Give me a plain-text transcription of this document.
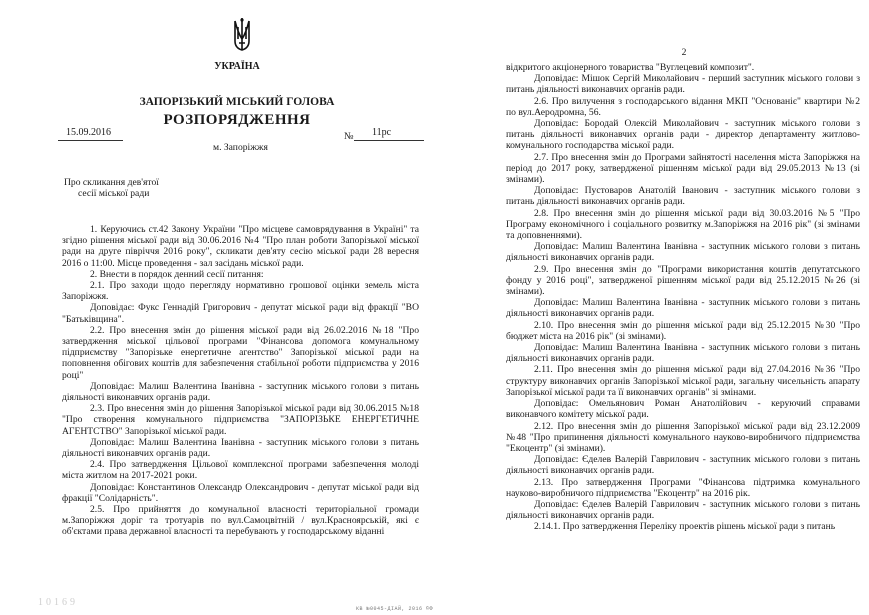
УКРАЇНА
ЗАПОРІЗЬКИЙ МІСЬКИЙ ГОЛОВА
РОЗПОРЯДЖЕННЯ
15.09.2016	№ 11рс
м. Запоріжжя

Про скликання дев'ятої

сесії міської ради

1. Керуючись ст.42 Закону України "Про місцеве самоврядування в Україні" та згідно рішення міської ради від 30.06.2016 №4 "Про план роботи Запорізької міської ради на друге півріччя 2016 року", скликати дев'яту сесію міської ради 28 вересня 2016 о 11:00. Місце проведення - зал засідань міської ради.

2. Внести в порядок денний сесії питання:

2.1. Про заходи щодо перегляду нормативно грошової оцінки земель міста Запоріжжя.

Доповідає: Фукс Геннадій Григорович - депутат міської ради від фракції "ВО "Батьківщина".

2.2. Про внесення змін до рішення міської ради від 26.02.2016 №18 "Про затвердження міської цільової програми "Фінансова допомога комунальному підприємству "Запорізьке енергетичне агентство" Запорізької міської ради на поповнення обігових коштів для забезпечення стабільної роботи підприємства у 2016 році"

Доповідає: Малиш Валентина Іванівна - заступник міського голови з питань діяльності виконавчих органів ради.

2.3. Про внесення змін до рішення Запорізької міської ради від 30.06.2015 №18 "Про створення комунального підприємства "ЗАПОРІЗЬКЕ ЕНЕРГЕТИЧНЕ АГЕНТСТВО" Запорізької міської ради.

Доповідає: Малиш Валентина Іванівна - заступник міського голови з питань діяльності виконавчих органів ради.

2.4. Про затвердження Цільової комплексної програми забезпечення молоді міста житлом на 2017-2021 роки.

Доповідає: Константинов Олександр Олександрович - депутат міської ради від фракції "Солідарність".

2.5. Про прийняття до комунальної власності територіальної громади м.Запоріжжя доріг та тротуарів по вул.Самоцвітній / вул.Красноярській, які є об'єктами права державної власності та перебувають у господарському віданні

10169
КВ №0045-ДІАЙ, 2016 ©Ф
2

відкритого акціонерного товариства "Вуглецевий композит".

Доповідає: Мішок Сергій Миколайович - перший заступник міського голови з питань діяльності виконавчих органів ради.

2.6. Про вилучення з господарського відання МКП "Основаніє" квартири №2 по вул.Аеродромна, 56.

Доповідає: Бородай Олексій Миколайович - заступник міського голови з питань діяльності виконавчих органів ради - директор департаменту житлово-комунального господарства міської ради.

2.7. Про внесення змін до Програми зайнятості населення міста Запоріжжя на період до 2017 року, затвердженої рішенням міської ради від 29.05.2013 №13 (зі змінами).

Доповідає: Пустоваров Анатолій Іванович - заступник міського голови з питань діяльності виконавчих органів ради.

2.8. Про внесення змін до рішення міської ради від 30.03.2016 №5 "Про Програму економічного і соціального розвитку м.Запоріжжя на 2016 рік" (зі змінами та доповненнями).

Доповідає: Малиш Валентина Іванівна - заступник міського голови з питань діяльності виконавчих органів ради.

2.9. Про внесення змін до "Програми використання коштів депутатського фонду у 2016 році", затвердженої рішенням міської ради від 25.12.2015 №26 (зі змінами).

Доповідає: Малиш Валентина Іванівна - заступник міського голови з питань діяльності виконавчих органів ради.

2.10. Про внесення змін до рішення міської ради від 25.12.2015 №30 "Про бюджет міста на 2016 рік" (зі змінами).

Доповідає: Малиш Валентина Іванівна - заступник міського голови з питань діяльності виконавчих органів ради.

2.11. Про внесення змін до рішення міської ради від 27.04.2016 №36 "Про структуру виконавчих органів Запорізької міської ради, загальну чисельність апарату Запорізької міської ради та її виконавчих органів" зі змінами.

Доповідає: Омельянович Роман Анатолійович - керуючий справами виконавчого комітету міської ради.

2.12. Про внесення змін до рішення Запорізької міської ради від 23.12.2009 №48 "Про припинення діяльності комунального науково-виробничого підприємства "Екоцентр" (зі змінами).

Доповідає: Єделев Валерій Гаврилович - заступник міського голови з питань діяльності виконавчих органів ради.

2.13. Про затвердження Програми "Фінансова підтримка комунального науково-виробничого підприємства "Екоцентр" на 2016 рік.

Доповідає: Єделев Валерій Гаврилович - заступник міського голови з питань діяльності виконавчих органів ради.

2.14.1. Про затвердження Переліку проектів рішень міської ради з питань
